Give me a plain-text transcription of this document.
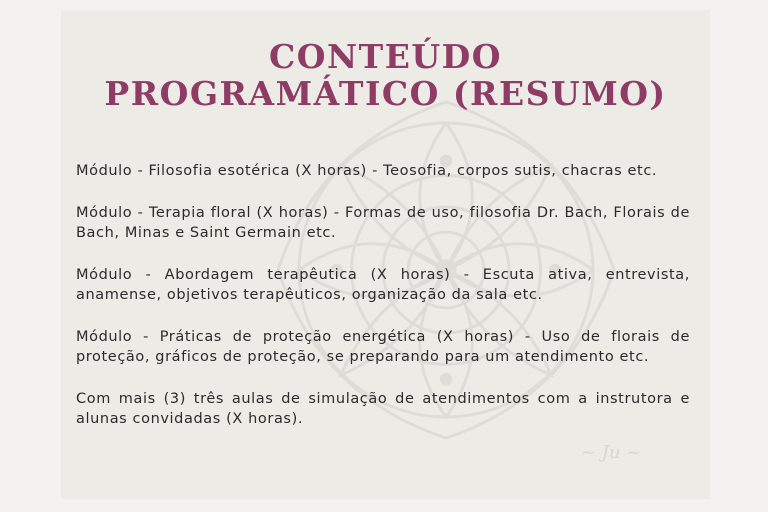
CONTEÚDO
PROGRAMÁTICO (RESUMO)

Módulo - Filosofia esotérica (X horas) - Teosofia, corpos sutis, chacras etc.

Módulo - Terapia floral (X horas) - Formas de uso, filosofia Dr. Bach, Florais de Bach, Minas e Saint Germain etc.

Módulo - Abordagem terapêutica (X horas) - Escuta ativa, entrevista, anamense, objetivos terapêuticos, organização da sala etc.

Módulo - Práticas de proteção energética (X horas) - Uso de florais de proteção, gráficos de proteção, se preparando para um atendimento etc.

Com mais (3) três aulas de simulação de atendimentos com a instrutora e alunas convidadas (X horas).

~ Ju ~
